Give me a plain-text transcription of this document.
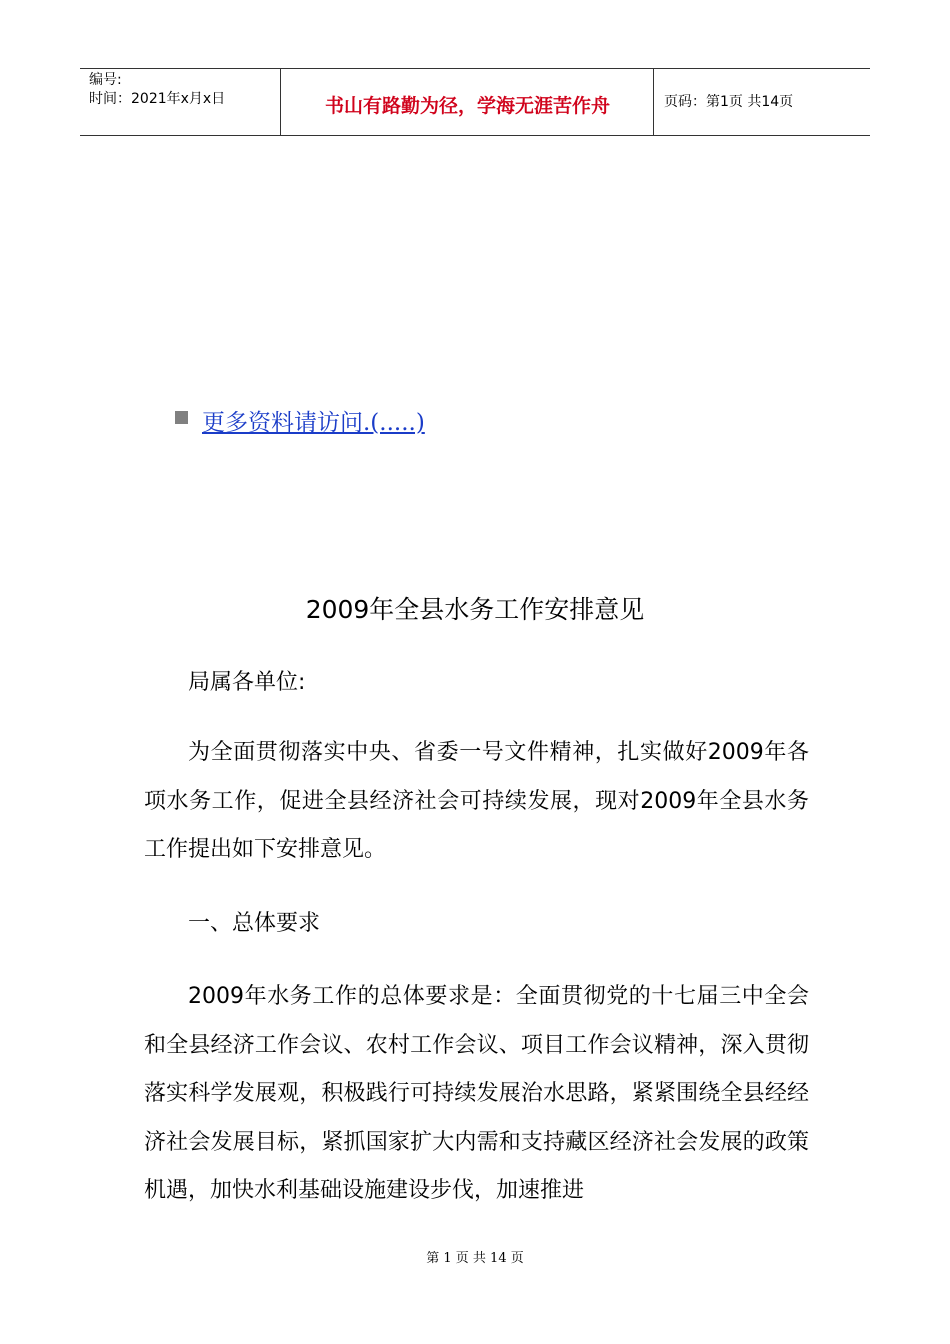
编号:
时间：2021年x月x日	书山有路勤为径，学海无涯苦作舟	页码：第1页 共14页
更多资料请访问.(.....)
2009年全县水务工作安排意见

局属各单位:

为全面贯彻落实中央、省委一号文件精神，扎实做好2009年各项水务工作，促进全县经济社会可持续发展，现对2009年全县水务工作提出如下安排意见。

一、总体要求

2009年水务工作的总体要求是：全面贯彻党的十七届三中全会和全县经济工作会议、农村工作会议、项目工作会议精神，深入贯彻落实科学发展观，积极践行可持续发展治水思路，紧紧围绕全县经经济社会发展目标，紧抓国家扩大内需和支持藏区经济社会发展的政策机遇，加快水利基础设施建设步伐，加速推进

第 1 页 共 14 页
